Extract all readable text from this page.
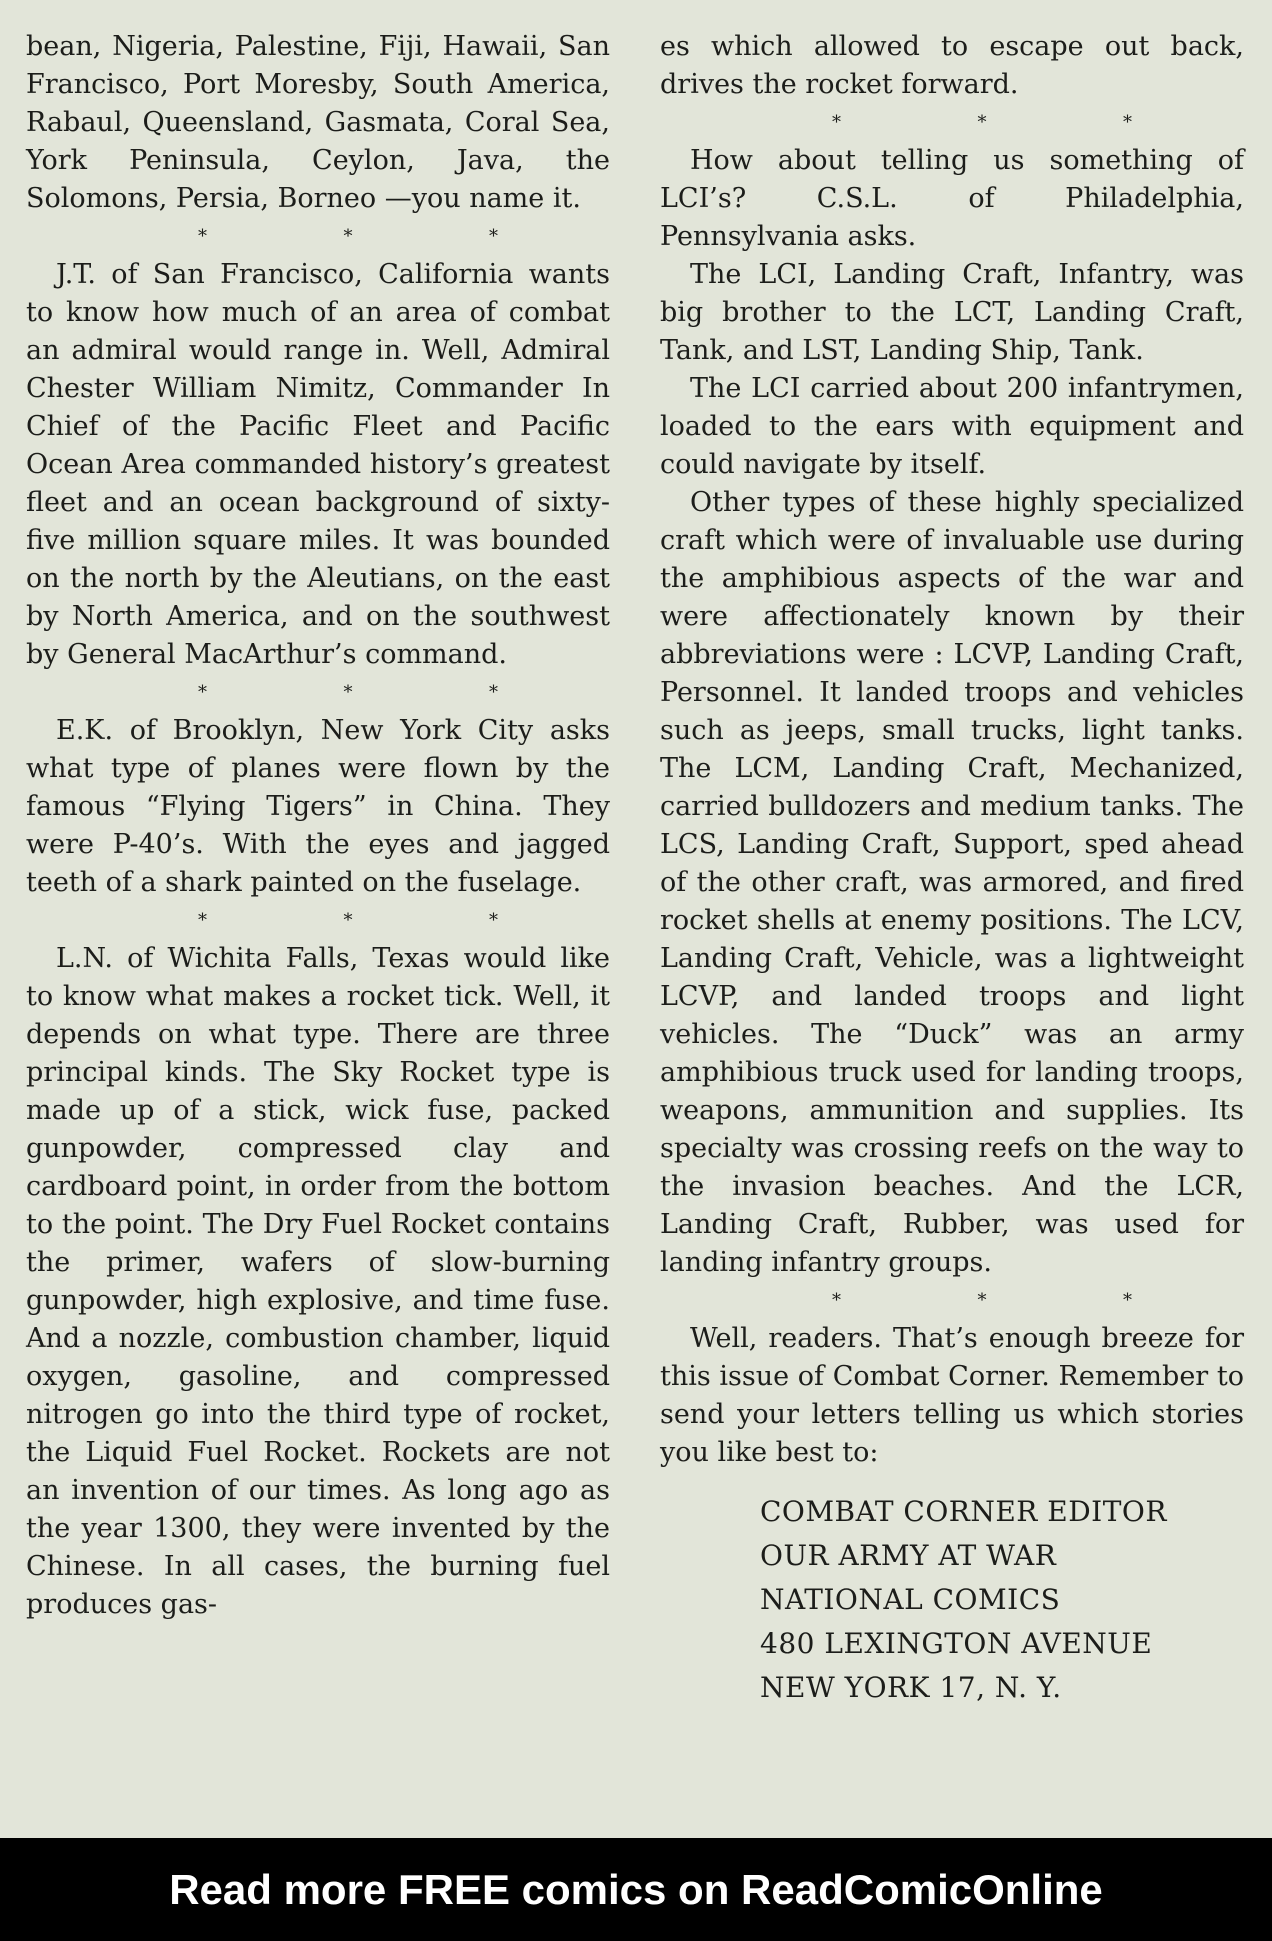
bean, Nigeria, Palestine, Fiji, Hawaii, San Francisco, Port Moresby, South America, Rabaul, Queensland, Gasmata, Coral Sea, York Peninsula, Ceylon, Java, the Solomons, Persia, Borneo —you name it.

*	*	*

J.T. of San Francisco, California wants to know how much of an area of combat an admiral would range in. Well, Admiral Chester William Nimitz, Commander In Chief of the Pacific Fleet and Pacific Ocean Area commanded history’s greatest fleet and an ocean background of sixty-five million square miles. It was bounded on the north by the Aleutians, on the east by North America, and on the southwest by General MacArthur’s command.

*	*	*

E.K. of Brooklyn, New York City asks what type of planes were flown by the famous “Flying Tigers” in China. They were P-40’s. With the eyes and jagged teeth of a shark painted on the fuselage.

*	*	*

L.N. of Wichita Falls, Texas would like to know what makes a rocket tick. Well, it depends on what type. There are three principal kinds. The Sky Rocket type is made up of a stick, wick fuse, packed gunpowder, compressed clay and cardboard point, in order from the bottom to the point. The Dry Fuel Rocket contains the primer, wafers of slow-burning gunpowder, high explosive, and time fuse. And a nozzle, combustion chamber, liquid oxygen, gasoline, and compressed nitrogen go into the third type of rocket, the Liquid Fuel Rocket. Rockets are not an invention of our times. As long ago as the year 1300, they were invented by the Chinese. In all cases, the burning fuel produces gas-

es which allowed to escape out back, drives the rocket forward.

*	*	*

How about telling us something of LCI’s? C.S.L. of Philadelphia, Pennsylvania asks.

The LCI, Landing Craft, Infantry, was big brother to the LCT, Landing Craft, Tank, and LST, Landing Ship, Tank.

The LCI carried about 200 infantrymen, loaded to the ears with equipment and could navigate by itself.

Other types of these highly specialized craft which were of invaluable use during the amphibious aspects of the war and were affectionately known by their abbreviations were : LCVP, Landing Craft, Personnel. It landed troops and vehicles such as jeeps, small trucks, light tanks. The LCM, Landing Craft, Mechanized, carried bulldozers and medium tanks. The LCS, Landing Craft, Support, sped ahead of the other craft, was armored, and fired rocket shells at enemy positions. The LCV, Landing Craft, Vehicle, was a lightweight LCVP, and landed troops and light vehicles. The “Duck” was an army amphibious truck used for landing troops, weapons, ammunition and supplies. Its specialty was crossing reefs on the way to the invasion beaches. And the LCR, Landing Craft, Rubber, was used for landing infantry groups.

*	*	*

Well, readers. That’s enough breeze for this issue of Combat Corner. Remember to send your letters telling us which stories you like best to:

COMBAT CORNER EDITOR
OUR ARMY AT WAR
NATIONAL COMICS
480 LEXINGTON AVENUE
NEW YORK 17, N. Y.
Read more FREE comics on ReadComicOnline
